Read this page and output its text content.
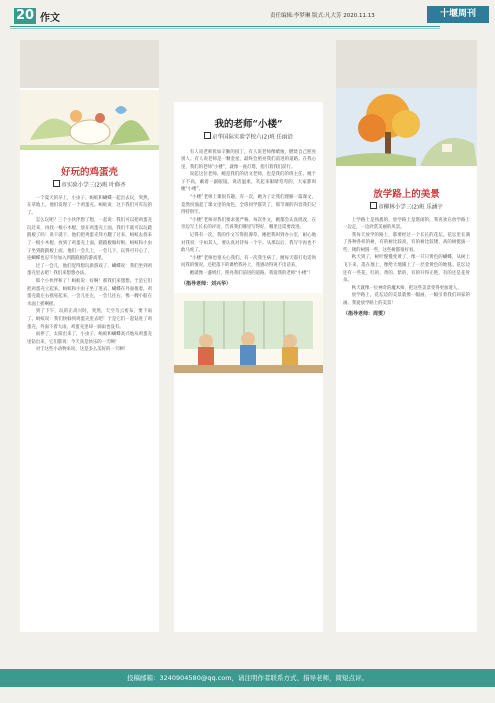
20 作文	责任编辑:李梦琳 版式:凡大芳 2020.11.13	十堰周刊
好玩的鸡蛋壳
市实验小学三(2)班 叶修齐

一个夏天的早上，小虫子、蚂蚁和蝴蝶一起出去玩，突然，在草地上，他们发现了一个鸡蛋壳。蚂蚁说：这下我们可有玩的了。

怎么玩呢？三个小伙伴想了想，一起说：我们可以把鸡蛋壳玩过来，再找一根小木棍，放在鸡蛋壳上面，我们不就可以玩跷跷板了吗！说干就干，他们把鸡蛋壳拜方翻了过来，蚂蚁去找来了一根小木棍，放到了鸡蛋壳上面，跷跷板做好啦。蚂蚁和小虫子坐到跷跷板上面，他们一会儿上，一会儿下，玩得可开心了，连蝴蝶也忍不住加入到跷跷板的游戏里。

过了一会儿，他们觉得想玩新游戏了，蝴蝶说：我们坐到鸡蛋壳里去吧！我们来想想办法。

那个小伙伴和了！蚂蚁说：好啊！那我们来想想。于是它们把鸡蛋壳立起来，蚂蚁和小虫子坐了进去，蝴蝶在外面推着，鸡蛋壳就左右摇晃起来，一会儿往左，一会儿往右，像一艘小船在水面上摇啊摇。

到了下午，玩的正高兴时，突然，天空乌云密布，要下雨了。蚂蚁说：我们快躲到鸡蛋壳里去吧！于是它们一起钻进了鸡蛋壳，外面下着大雨，鸡蛋壳里却一滴雨也没有。

雨停了，太阳出来了，小虫子、蚂蚁和蝴蝶高兴地从鸡蛋壳里钻出来，它们都说：今天真是快乐的一天啊！

对于这些小动物来说，这是多么美好的一天啊！

我的老师“小楼”
京华国际实验学校六(2)班 任雨沿

有人说老师犹如辛勤的园丁，有人说老师像蜡烛，燃烧自己照亮别人；有人说老师是一颗金星，最终会照亮我们前进的道路。在我心里，我们的老师“小楼”，就像一座灯塔，指引着我们前行。

说起这位老师，她是我们的语文老师，也是我们的班主任。她个子不高，戴着一副眼镜，说话温柔，笑起来眼睛弯弯的，大家都叫她“小楼”。

“小楼”老师上课很有趣。有一次，她为了让我们理解一篇课文，竟然扮演起了课文里的角色，全班同学都笑了，那节课的内容我们记得特别牢。

“小楼”老师对我们要求很严格。每次作文，她都会认真批改，在旁边写上长长的评语，告诉我们哪里写得好，哪里还需要改进。

记得有一次，我的作文写得很潦草，她把我叫到办公室，耐心地对我说：字如其人，要认真对待每一个字。从那以后，我写字再也不敢马虎了。

“小楼”老师也很关心我们。有一次我生病了，她每天都打电话询问我的情况，还把落下的课给我补上，我感动得说不出话来。

她就像一盏明灯，照亮我们前进的道路。我爱我的老师“小楼”！

（指导老师：刘兴华）
放学路上的美景
市柳林小学三(2)班 乐涵宇

上学路上是熟悉的，放学路上是悠闲的。我喜欢在放学路上一边走，一边欣赏美丽的风景。

我每天放学的路上，都要经过一个长长的花坛。花坛里长满了各种各样的树，有的树比较高，有的树比较矮，高的树挺拔一些，矮的树圆一些，这些树都很好看。

秋天到了，树叶慢慢变黄了，像一只只黄色的蝴蝶，从树上飞下来，落在地上，像给大地铺上了一层金黄色的地毯。花坛边还有一些花，红的、黄的、紫的，有的开得正艳，有的还是花骨朵。

秋天就像一位神奇的魔术师，把这些美景变得更加迷人。

放学路上，花坛边的美景就像一幅画，一幅引着我们回家的画。我爱放学路上的美景！

（指导老师：周雯）
投稿邮箱：3240904580@qq.com，请注明作者联系方式、指导老师，简短点评。
